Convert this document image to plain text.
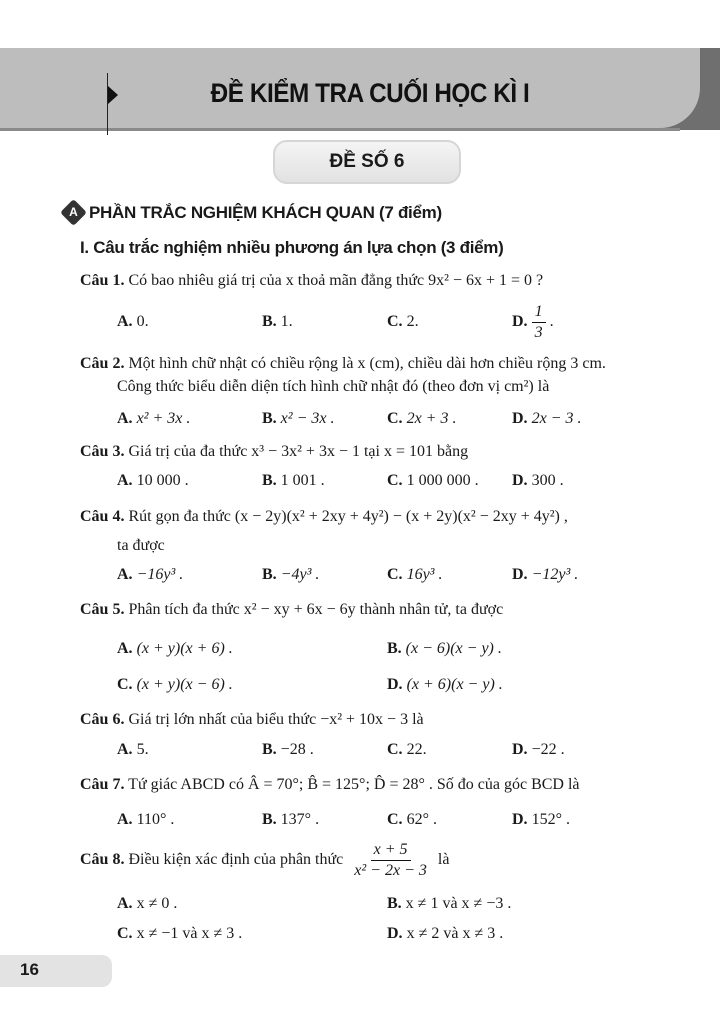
ĐỀ KIỂM TRA CUỐI HỌC KÌ I
ĐỀ SỐ 6
A PHẦN TRẮC NGHIỆM KHÁCH QUAN (7 điểm)
I. Câu trắc nghiệm nhiều phương án lựa chọn (3 điểm)
Câu 1. Có bao nhiêu giá trị của x thoả mãn đẳng thức 9x² − 6x + 1 = 0 ?
A. 0.	B. 1.	C. 2.	D. $\frac{1}{3}$ .
Câu 2. Một hình chữ nhật có chiều rộng là x (cm), chiều dài hơn chiều rộng 3 cm.
Công thức biểu diễn diện tích hình chữ nhật đó (theo đơn vị cm²) là
A. x² + 3x .	B. x² − 3x .	C. 2x + 3 .	D. 2x − 3 .
Câu 3. Giá trị của đa thức x³ − 3x² + 3x − 1 tại x = 101 bằng
A. 10 000 .	B. 1 001 .	C. 1 000 000 . D. 300 .
Câu 4. Rút gọn đa thức (x − 2y)(x² + 2xy + 4y²) − (x + 2y)(x² − 2xy + 4y²) ,
ta được
A. −16y³ .	B. −4y³ .	C. 16y³ .	D. −12y³ .
Câu 5. Phân tích đa thức x² − xy + 6x − 6y thành nhân tử, ta được
A. (x + y)(x + 6) .	B. (x − 6)(x − y) .
C. (x + y)(x − 6) .	D. (x + 6)(x − y) .
Câu 6. Giá trị lớn nhất của biểu thức −x² + 10x − 3 là
A. 5.	B. −28 .	C. 22.	D. −22 .
Câu 7. Tứ giác ABCD có Â = 70°; B̂ = 125°; D̂ = 28° . Số đo của góc BCD là
A. 110° .	B. 137° .	C. 62° .	D. 152° .
Câu 8. Điều kiện xác định của phân thức $\frac{x + 5}{\text{x² − 2x − 3}}$ là
A. x ≠ 0 .	B. x ≠ 1 và x ≠ −3 .
C. x ≠ −1 và x ≠ 3 .	D. x ≠ 2 và x ≠ 3 .
16
